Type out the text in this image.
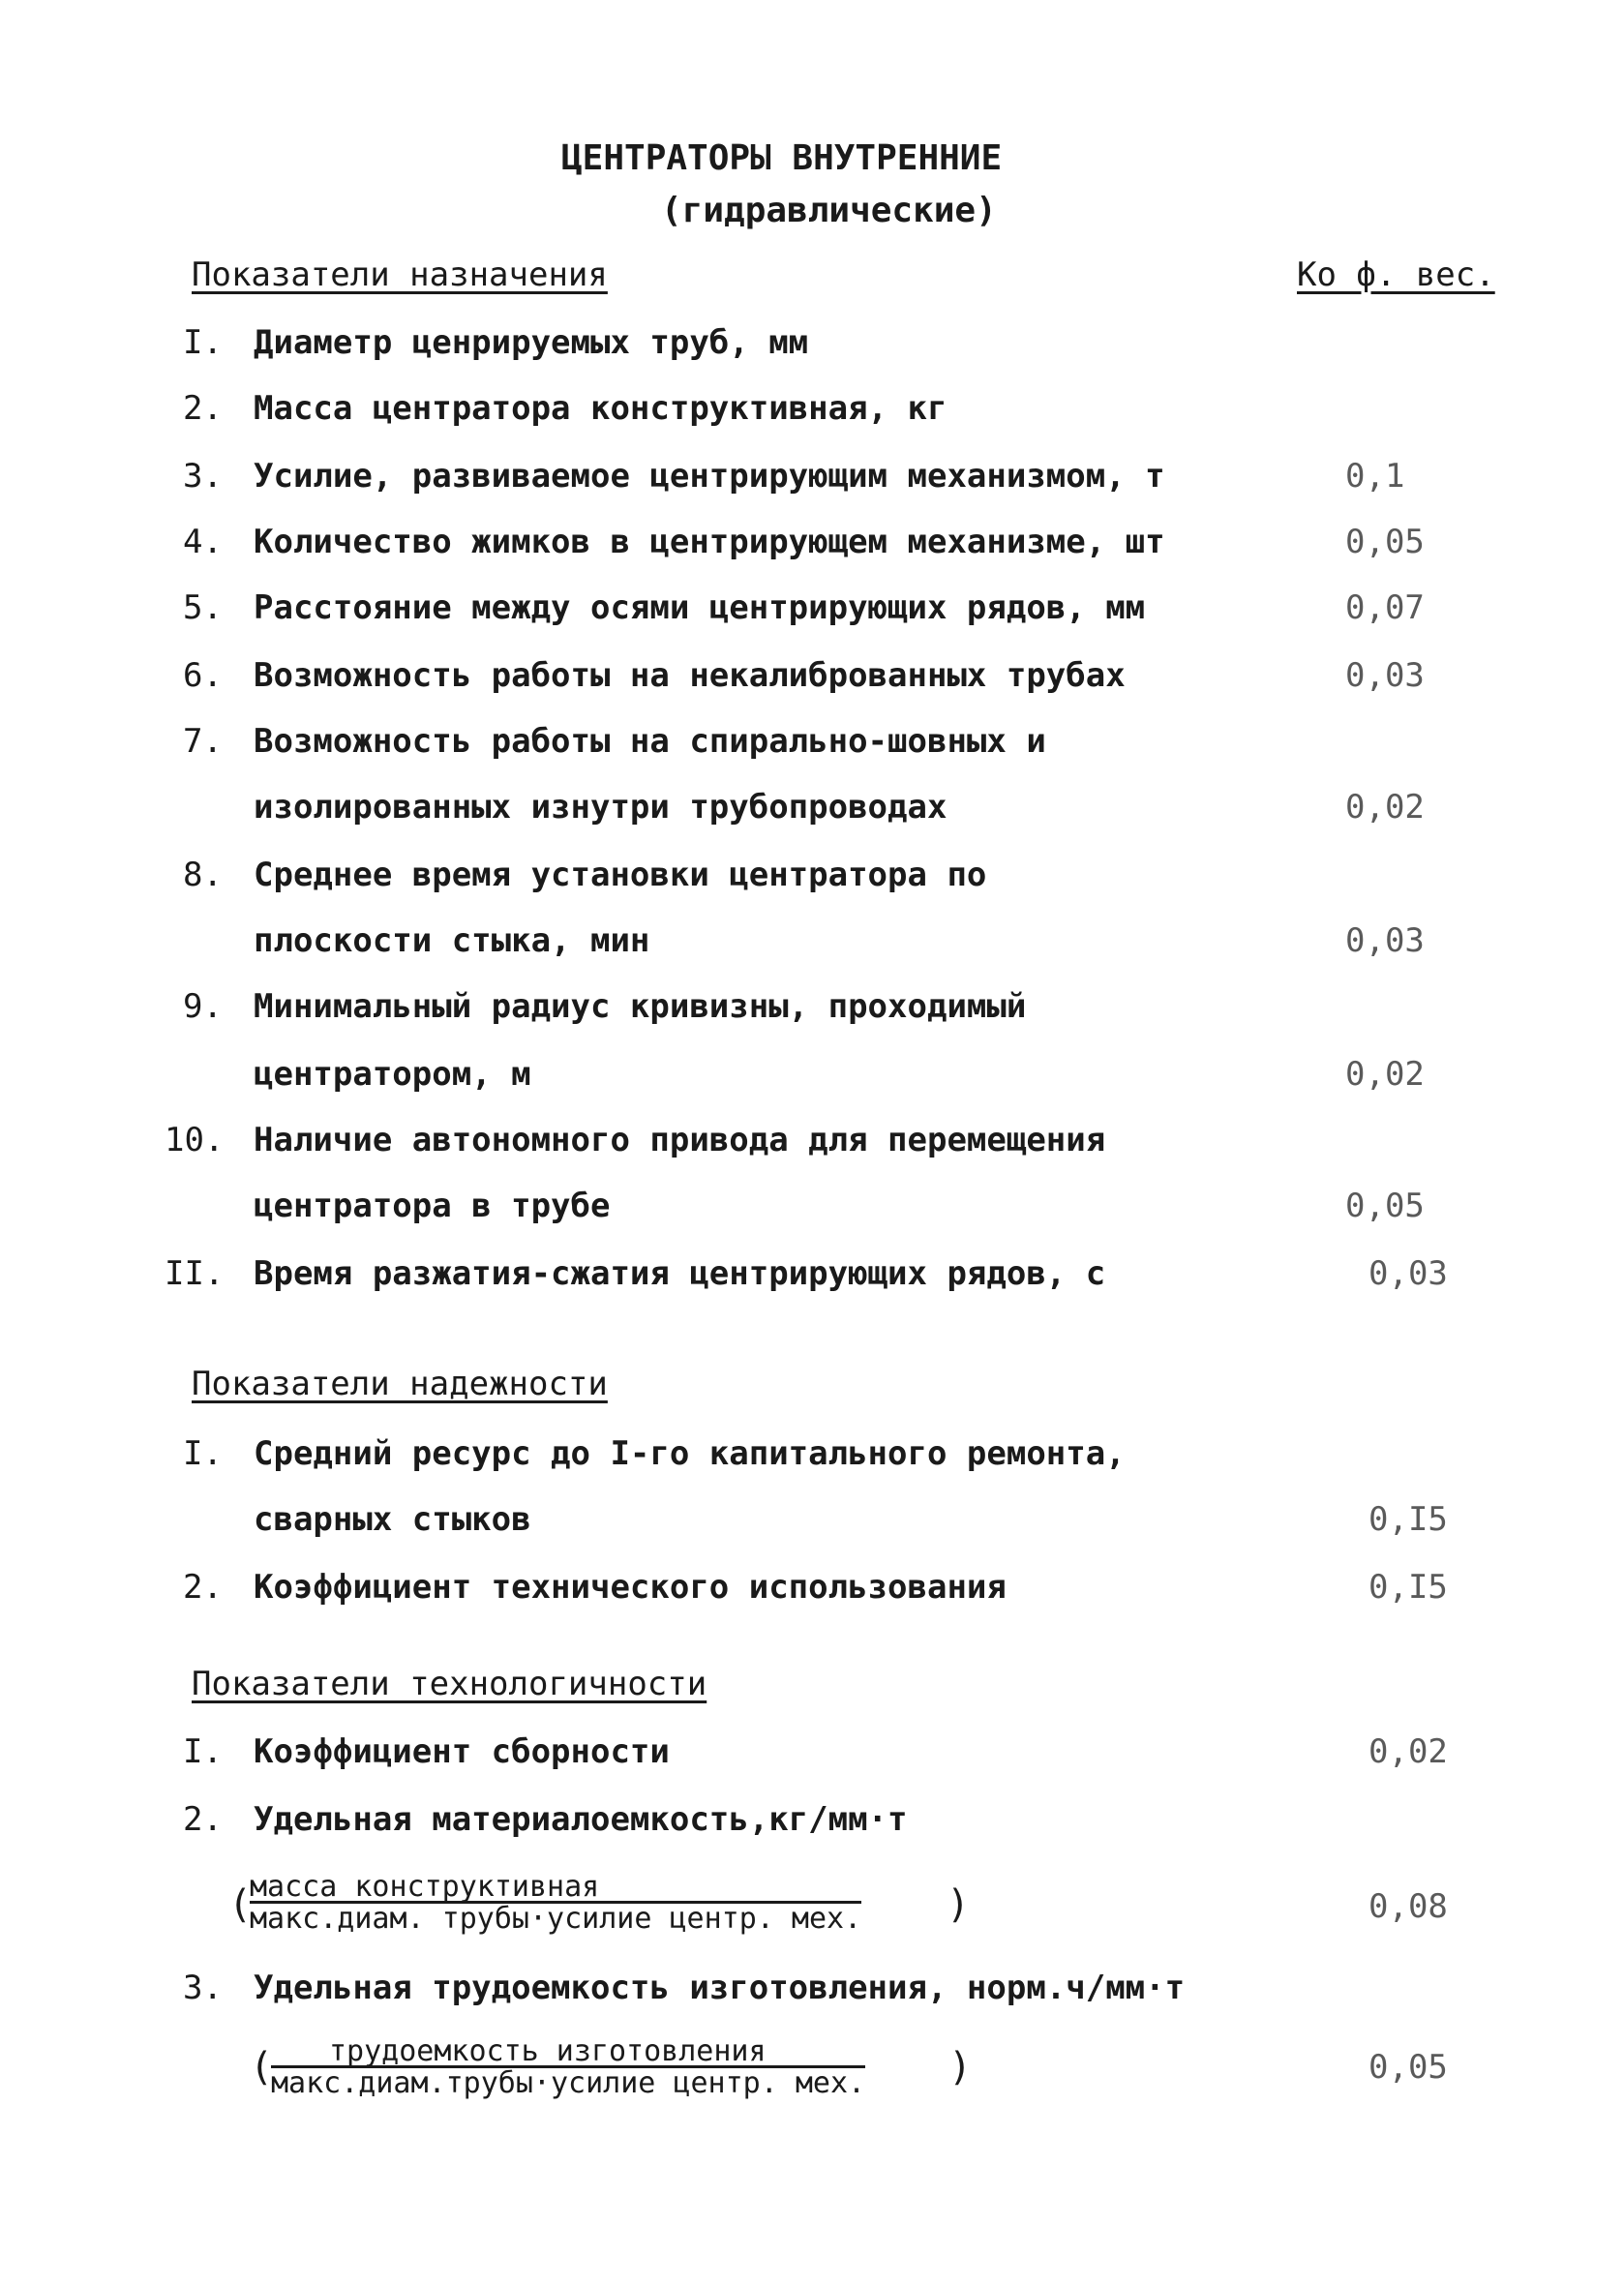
ЦЕНТРАТОРЫ ВНУТРЕННИЕ
(гидравлические)
Показатели назначения	Ко ф. вес.
I. Диаметр ценрируемых труб, мм
2. Масса центратора конструктивная, кг
3. Усилие, развиваемое центрирующим механизмом, т	0,1
4. Количество жимков в центрирующем механизме, шт	0,05
5. Расстояние между осями центрирующих рядов, мм	0,07
6. Возможность работы на некалиброванных трубах	0,03
7. Возможность работы на спирально-шовных и
изолированных изнутри трубопроводах	0,02
8. Среднее время установки центратора по
плоскости стыка, мин	0,03
9. Минимальный радиус кривизны, проходимый
центратором, м	0,02
10. Наличие автономного привода для перемещения
центратора в трубе	0,05
II. Время разжатия-сжатия центрирующих рядов, с	0,03
Показатели надежности
I. Средний ресурс до I-го капитального ремонта,
сварных стыков	0,I5
2. Коэффициент технического использования	0,I5
Показатели технологичности
I. Коэффициент сборности	0,02
2. Удельная материалоемкость,кг/мм·т
(
масса конструктивная
макс.диам. трубы·усилие центр. мех. )	0,08
3. Удельная трудоемкость изготовления, норм.ч/мм·т
(	трудоемкость изготовления
макс.диам.трубы·усилие центр. мех. )	0,05
